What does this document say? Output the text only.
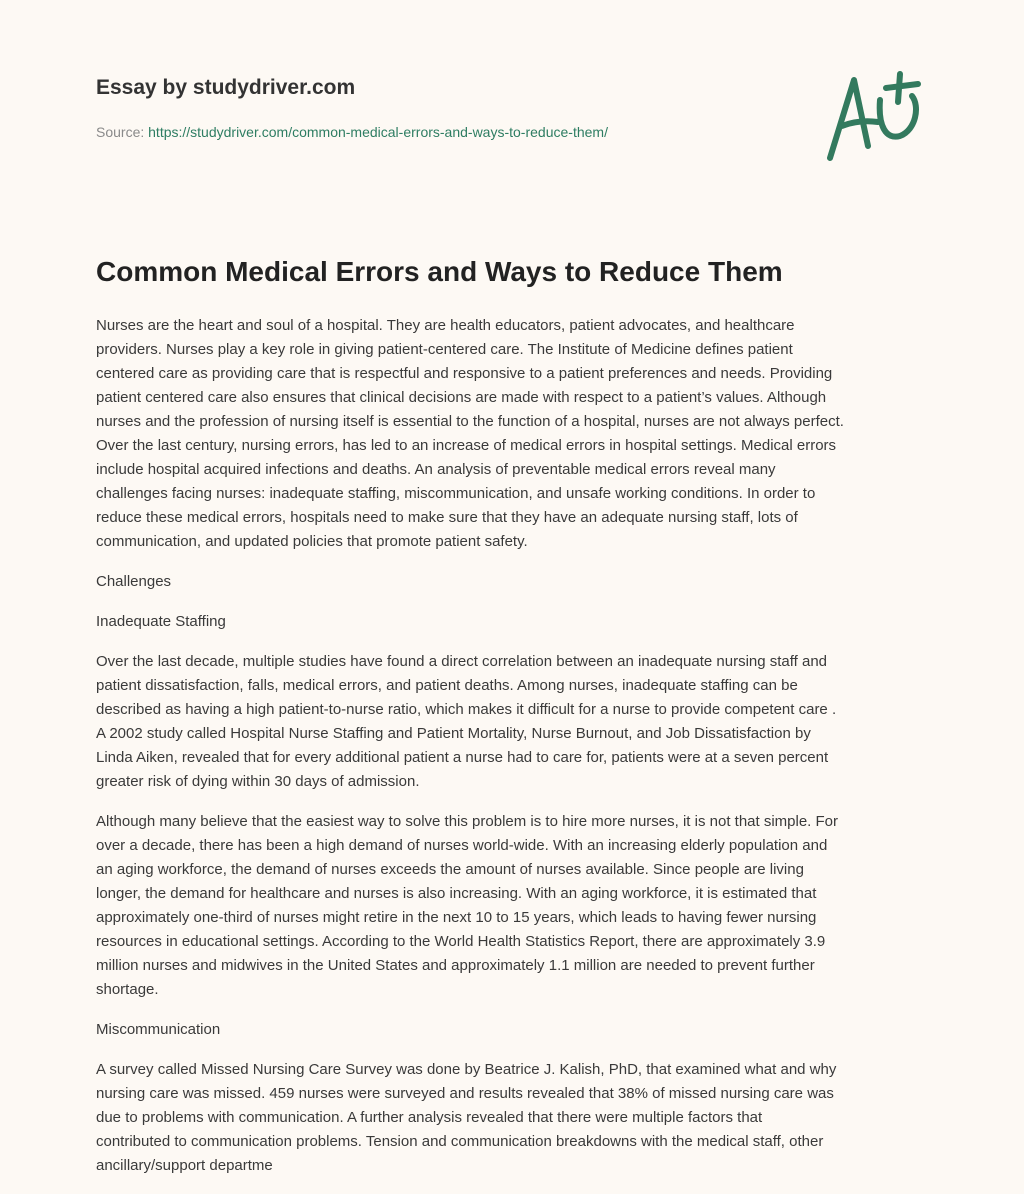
Essay by studydriver.com
Source: https://studydriver.com/common-medical-errors-and-ways-to-reduce-them/
Common Medical Errors and Ways to Reduce Them

Nurses are the heart and soul of a hospital. They are health educators, patient advocates, and healthcare
providers. Nurses play a key role in giving patient-centered care. The Institute of Medicine defines patient
centered care as providing care that is respectful and responsive to a patient preferences and needs. Providing
patient centered care also ensures that clinical decisions are made with respect to a patient’s values. Although
nurses and the profession of nursing itself is essential to the function of a hospital, nurses are not always perfect.
Over the last century, nursing errors, has led to an increase of medical errors in hospital settings. Medical errors
include hospital acquired infections and deaths. An analysis of preventable medical errors reveal many
challenges facing nurses: inadequate staffing, miscommunication, and unsafe working conditions. In order to
reduce these medical errors, hospitals need to make sure that they have an adequate nursing staff, lots of
communication, and updated policies that promote patient safety.

Challenges

Inadequate Staffing

Over the last decade, multiple studies have found a direct correlation between an inadequate nursing staff and
patient dissatisfaction, falls, medical errors, and patient deaths. Among nurses, inadequate staffing can be
described as having a high patient-to-nurse ratio, which makes it difficult for a nurse to provide competent care .
A 2002 study called Hospital Nurse Staffing and Patient Mortality, Nurse Burnout, and Job Dissatisfaction by
Linda Aiken, revealed that for every additional patient a nurse had to care for, patients were at a seven percent
greater risk of dying within 30 days of admission.

Although many believe that the easiest way to solve this problem is to hire more nurses, it is not that simple. For
over a decade, there has been a high demand of nurses world-wide. With an increasing elderly population and
an aging workforce, the demand of nurses exceeds the amount of nurses available. Since people are living
longer, the demand for healthcare and nurses is also increasing. With an aging workforce, it is estimated that
approximately one-third of nurses might retire in the next 10 to 15 years, which leads to having fewer nursing
resources in educational settings. According to the World Health Statistics Report, there are approximately 3.9
million nurses and midwives in the United States and approximately 1.1 million are needed to prevent further
shortage.

Miscommunication

A survey called Missed Nursing Care Survey was done by Beatrice J. Kalish, PhD, that examined what and why
nursing care was missed. 459 nurses were surveyed and results revealed that 38% of missed nursing care was
due to problems with communication. A further analysis revealed that there were multiple factors that
contributed to communication problems. Tension and communication breakdowns with the medical staff, other
ancillary/support departme
